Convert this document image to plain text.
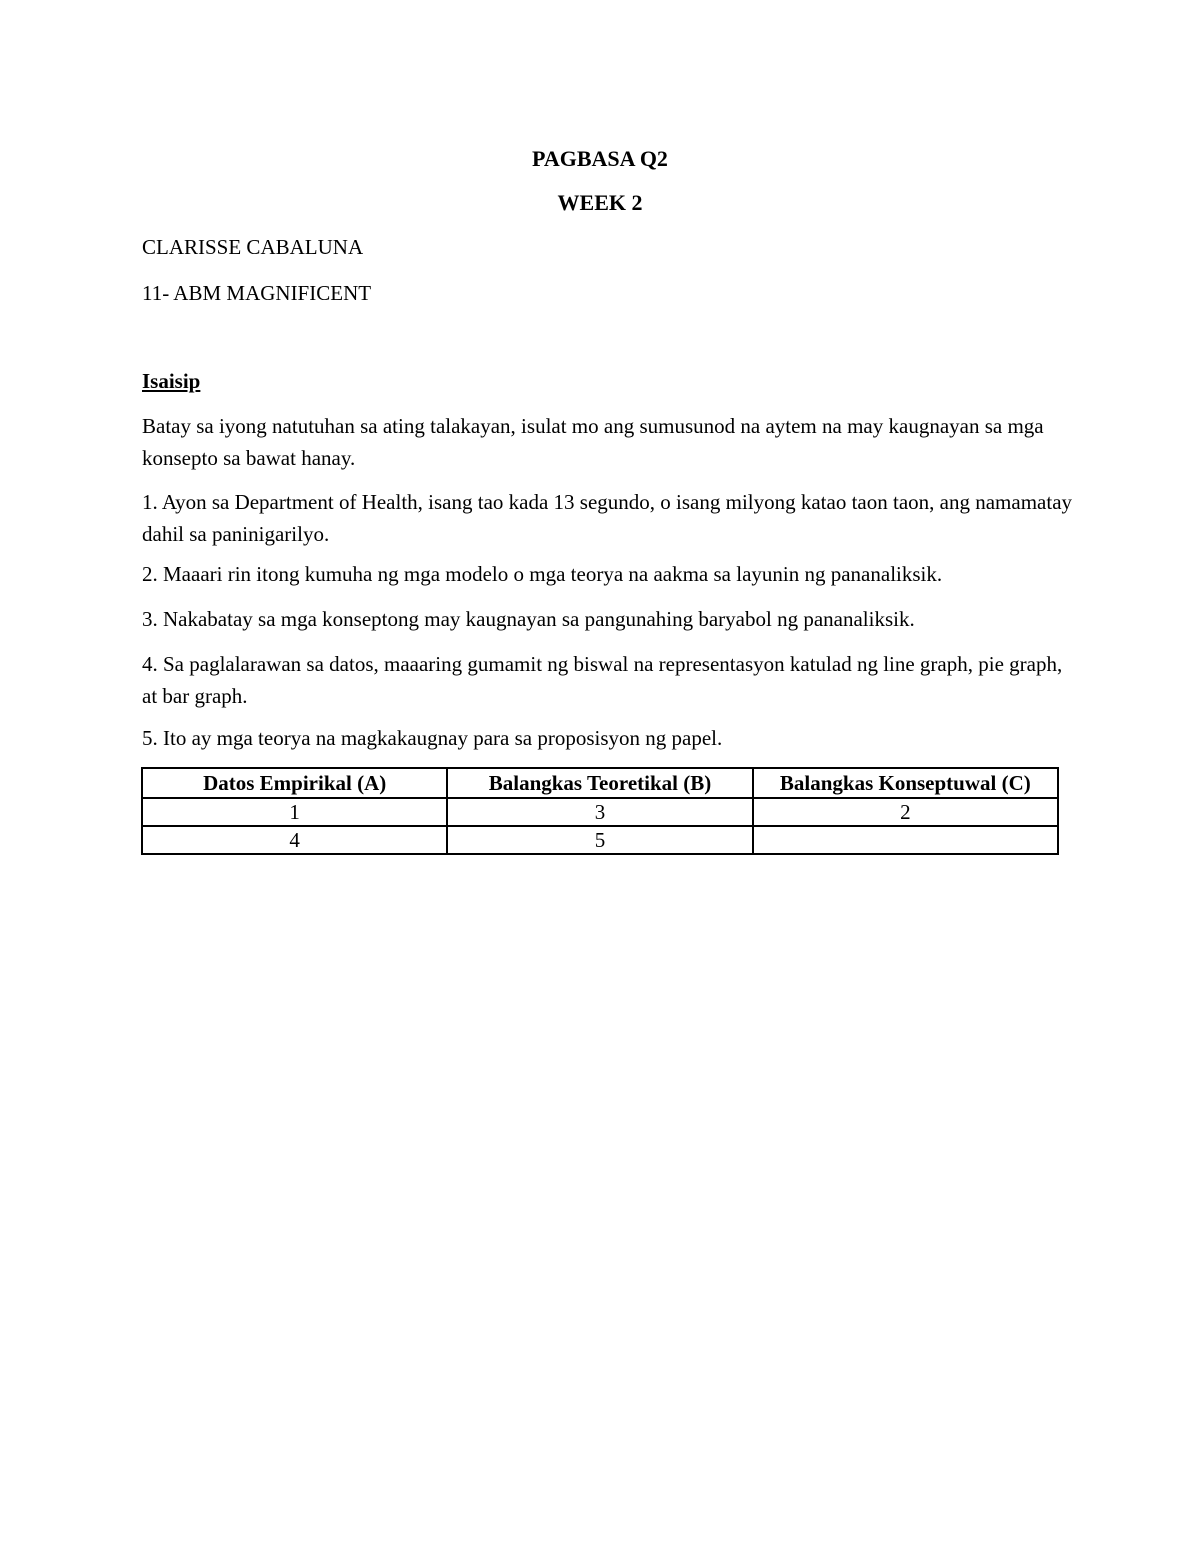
PAGBASA Q2

WEEK 2

CLARISSE CABALUNA

11- ABM MAGNIFICENT

Isaisip

Batay sa iyong natutuhan sa ating talakayan, isulat mo ang sumusunod na aytem na may kaugnayan sa mga konsepto sa bawat hanay.

1. Ayon sa Department of Health, isang tao kada 13 segundo, o isang milyong katao taon taon, ang namamatay dahil sa paninigarilyo.

2. Maaari rin itong kumuha ng mga modelo o mga teorya na aakma sa layunin ng pananaliksik.

3. Nakabatay sa mga konseptong may kaugnayan sa pangunahing baryabol ng pananaliksik.

4. Sa paglalarawan sa datos, maaaring gumamit ng biswal na representasyon katulad ng line graph, pie graph, at bar graph.

5. Ito ay mga teorya na magkakaugnay para sa proposisyon ng papel.

Datos Empirikal (A)	Balangkas Teoretikal (B)	Balangkas Konseptuwal (C)
1	3	2
4	5	
